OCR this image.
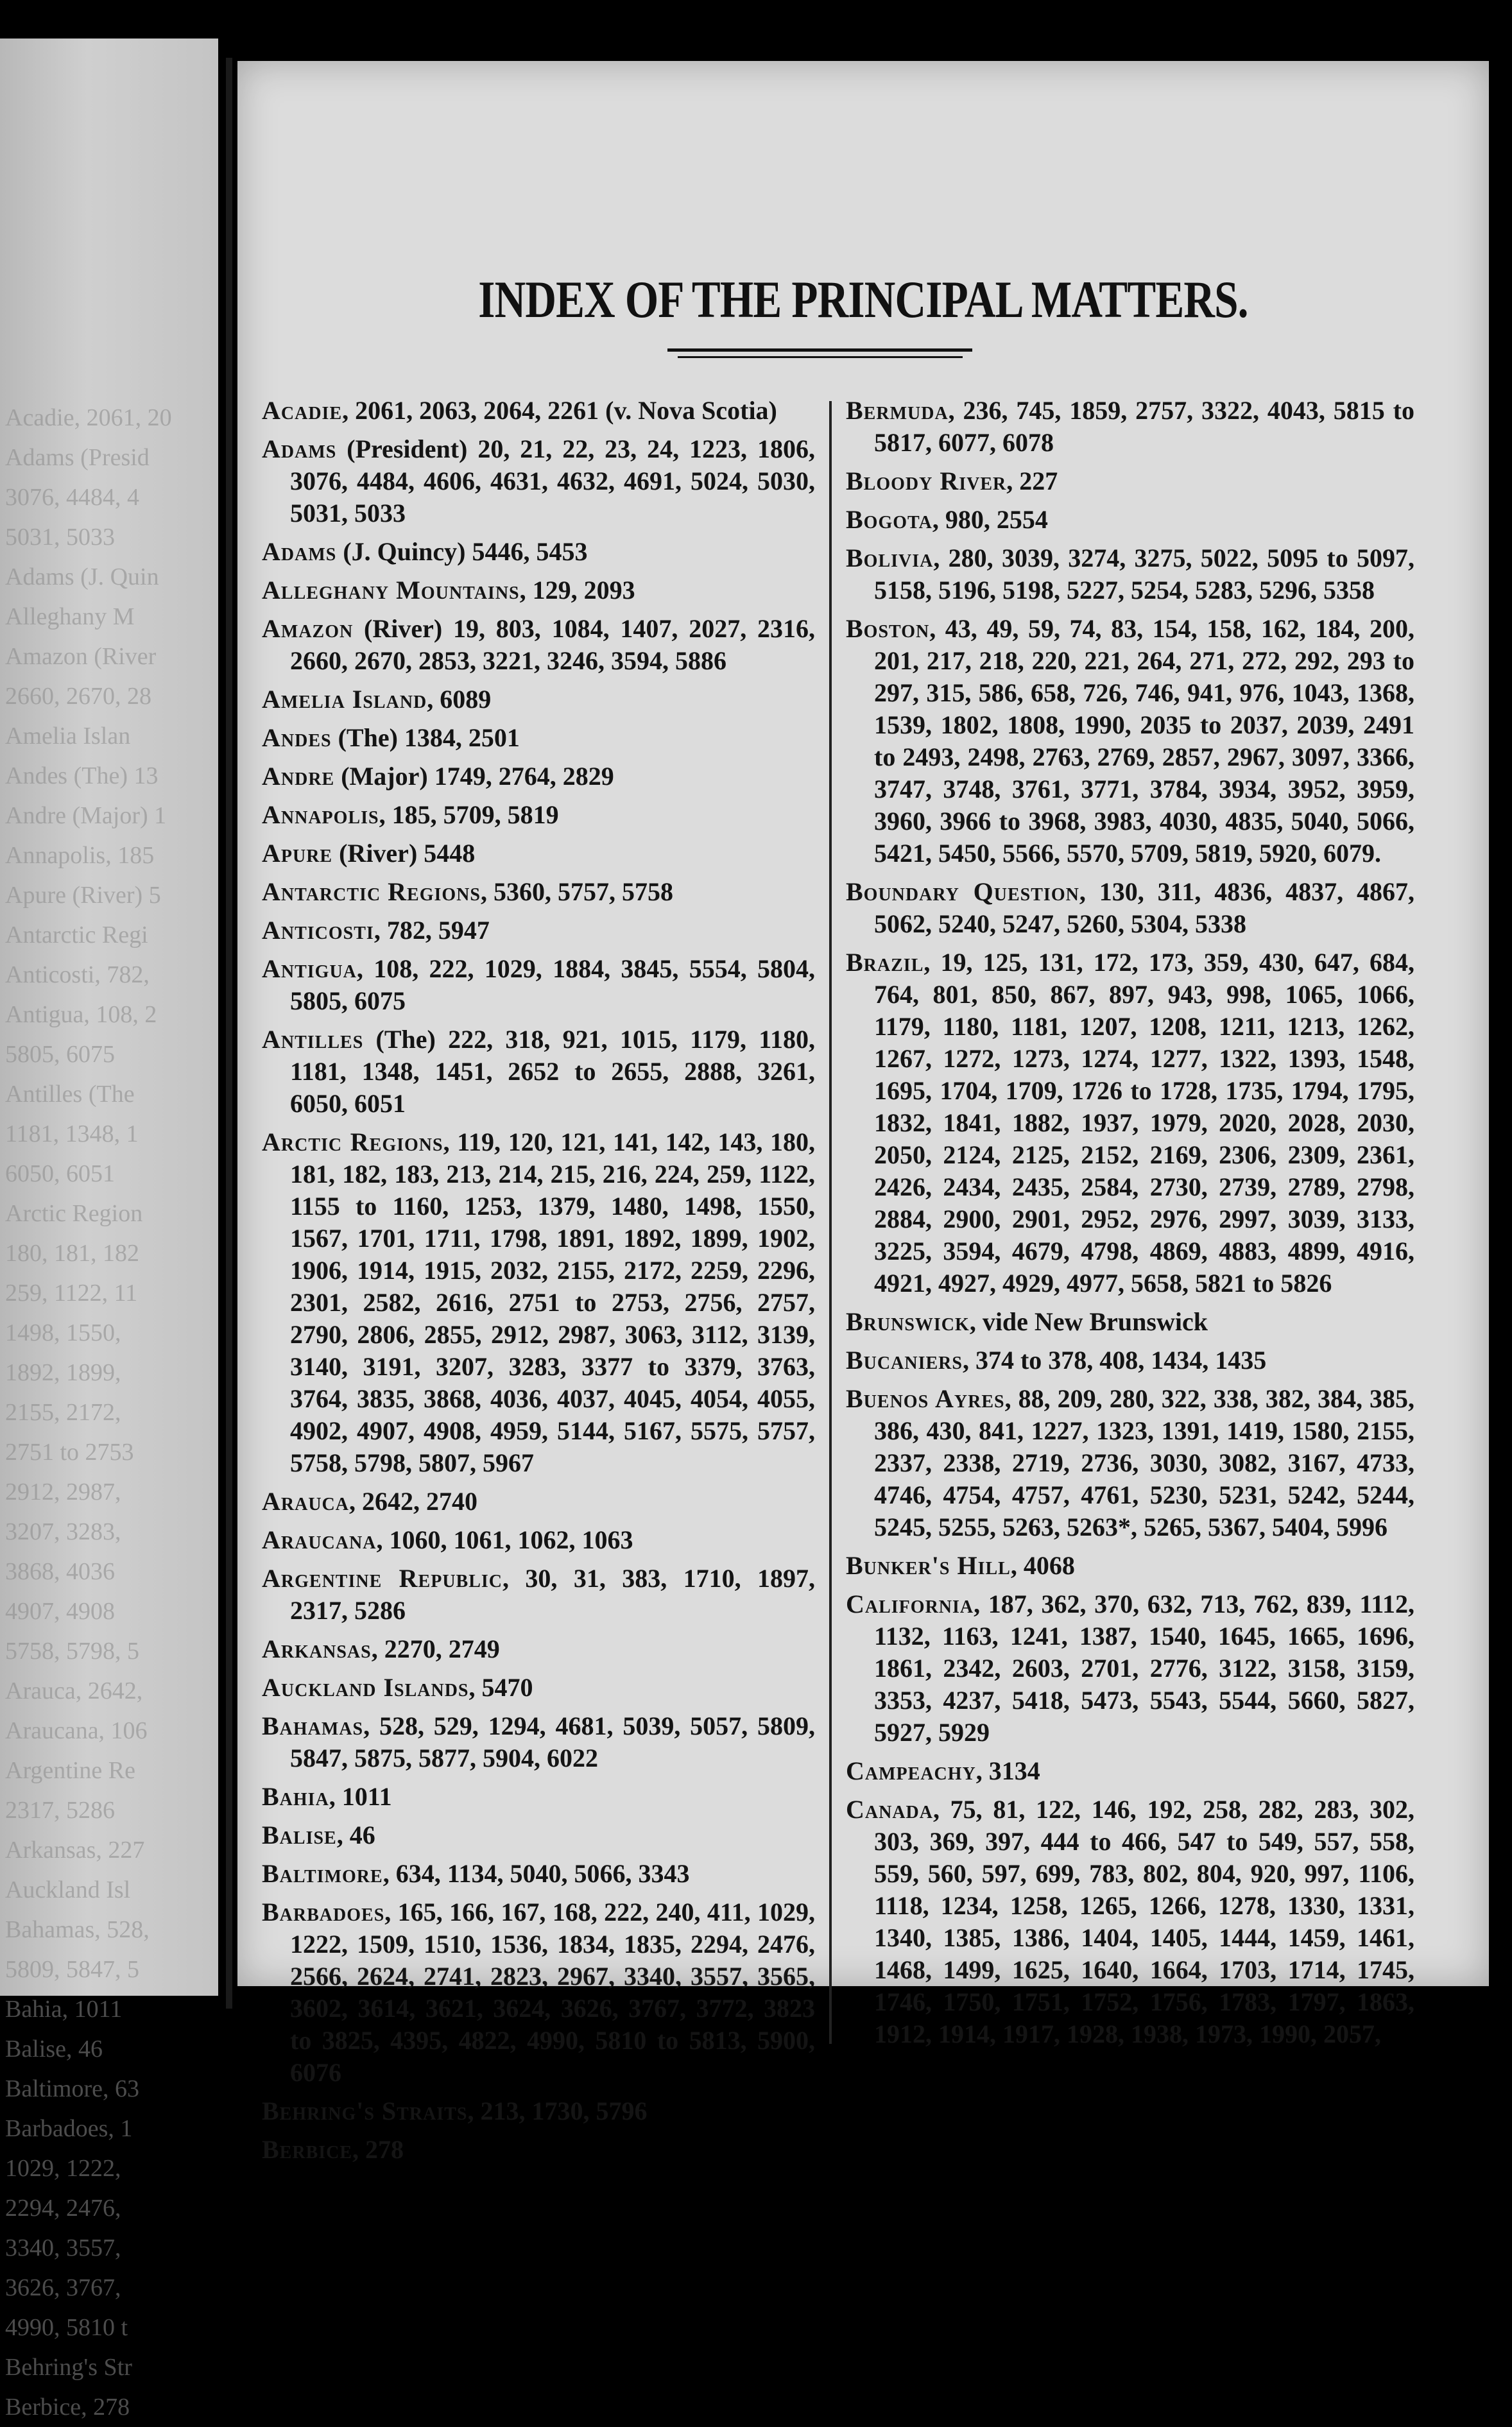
Acadie, 2061, 20
Adams (Presid
3076, 4484, 4
5031, 5033
Adams (J. Quin
Alleghany M
Amazon (River
2660, 2670, 28
Amelia Islan
Andes (The) 13
Andre (Major) 1
Annapolis, 185
Apure (River) 5
Antarctic Regi
Anticosti, 782,
Antigua, 108, 2
5805, 6075
Antilles (The
1181, 1348, 1
6050, 6051
Arctic Region
180, 181, 182
259, 1122, 11
1498, 1550,
1892, 1899,
2155, 2172,
2751 to 2753
2912, 2987,
3207, 3283,
3868, 4036
4907, 4908
5758, 5798, 5
Arauca, 2642,
Araucana, 106
Argentine Re
2317, 5286
Arkansas, 227
Auckland Isl
Bahamas, 528,
5809, 5847, 5
Bahia, 1011
Balise, 46
Baltimore, 63
Barbadoes, 1
1029, 1222,
2294, 2476,
3340, 3557,
3626, 3767,
4990, 5810 t
Behring's Str
Berbice, 278
INDEX OF THE PRINCIPAL MATTERS.
Acadie, 2061, 2063, 2064, 2261 (v. Nova Scotia)
Adams (President) 20, 21, 22, 23, 24, 1223, 1806, 3076, 4484, 4606, 4631, 4632, 4691, 5024, 5030, 5031, 5033
Adams (J. Quincy) 5446, 5453
Alleghany Mountains, 129, 2093
Amazon (River) 19, 803, 1084, 1407, 2027, 2316, 2660, 2670, 2853, 3221, 3246, 3594, 5886
Amelia Island, 6089
Andes (The) 1384, 2501
Andre (Major) 1749, 2764, 2829
Annapolis, 185, 5709, 5819
Apure (River) 5448
Antarctic Regions, 5360, 5757, 5758
Anticosti, 782, 5947
Antigua, 108, 222, 1029, 1884, 3845, 5554, 5804, 5805, 6075
Antilles (The) 222, 318, 921, 1015, 1179, 1180, 1181, 1348, 1451, 2652 to 2655, 2888, 3261, 6050, 6051
Arctic Regions, 119, 120, 121, 141, 142, 143, 180, 181, 182, 183, 213, 214, 215, 216, 224, 259, 1122, 1155 to 1160, 1253, 1379, 1480, 1498, 1550, 1567, 1701, 1711, 1798, 1891, 1892, 1899, 1902, 1906, 1914, 1915, 2032, 2155, 2172, 2259, 2296, 2301, 2582, 2616, 2751 to 2753, 2756, 2757, 2790, 2806, 2855, 2912, 2987, 3063, 3112, 3139, 3140, 3191, 3207, 3283, 3377 to 3379, 3763, 3764, 3835, 3868, 4036, 4037, 4045, 4054, 4055, 4902, 4907, 4908, 4959, 5144, 5167, 5575, 5757, 5758, 5798, 5807, 5967
Arauca, 2642, 2740
Araucana, 1060, 1061, 1062, 1063
Argentine Republic, 30, 31, 383, 1710, 1897, 2317, 5286
Arkansas, 2270, 2749
Auckland Islands, 5470
Bahamas, 528, 529, 1294, 4681, 5039, 5057, 5809, 5847, 5875, 5877, 5904, 6022
Bahia, 1011
Balise, 46
Baltimore, 634, 1134, 5040, 5066, 3343
Barbadoes, 165, 166, 167, 168, 222, 240, 411, 1029, 1222, 1509, 1510, 1536, 1834, 1835, 2294, 2476, 2566, 2624, 2741, 2823, 2967, 3340, 3557, 3565, 3602, 3614, 3621, 3624, 3626, 3767, 3772, 3823 to 3825, 4395, 4822, 4990, 5810 to 5813, 5900, 6076
Behring's Straits, 213, 1730, 5796
Berbice, 278
Bermuda, 236, 745, 1859, 2757, 3322, 4043, 5815 to 5817, 6077, 6078
Bloody River, 227
Bogota, 980, 2554
Bolivia, 280, 3039, 3274, 3275, 5022, 5095 to 5097, 5158, 5196, 5198, 5227, 5254, 5283, 5296, 5358
Boston, 43, 49, 59, 74, 83, 154, 158, 162, 184, 200, 201, 217, 218, 220, 221, 264, 271, 272, 292, 293 to 297, 315, 586, 658, 726, 746, 941, 976, 1043, 1368, 1539, 1802, 1808, 1990, 2035 to 2037, 2039, 2491 to 2493, 2498, 2763, 2769, 2857, 2967, 3097, 3366, 3747, 3748, 3761, 3771, 3784, 3934, 3952, 3959, 3960, 3966 to 3968, 3983, 4030, 4835, 5040, 5066, 5421, 5450, 5566, 5570, 5709, 5819, 5920, 6079.
Boundary Question, 130, 311, 4836, 4837, 4867, 5062, 5240, 5247, 5260, 5304, 5338
Brazil, 19, 125, 131, 172, 173, 359, 430, 647, 684, 764, 801, 850, 867, 897, 943, 998, 1065, 1066, 1179, 1180, 1181, 1207, 1208, 1211, 1213, 1262, 1267, 1272, 1273, 1274, 1277, 1322, 1393, 1548, 1695, 1704, 1709, 1726 to 1728, 1735, 1794, 1795, 1832, 1841, 1882, 1937, 1979, 2020, 2028, 2030, 2050, 2124, 2125, 2152, 2169, 2306, 2309, 2361, 2426, 2434, 2435, 2584, 2730, 2739, 2789, 2798, 2884, 2900, 2901, 2952, 2976, 2997, 3039, 3133, 3225, 3594, 4679, 4798, 4869, 4883, 4899, 4916, 4921, 4927, 4929, 4977, 5658, 5821 to 5826
Brunswick, vide New Brunswick
Bucaniers, 374 to 378, 408, 1434, 1435
Buenos Ayres, 88, 209, 280, 322, 338, 382, 384, 385, 386, 430, 841, 1227, 1323, 1391, 1419, 1580, 2155, 2337, 2338, 2719, 2736, 3030, 3082, 3167, 4733, 4746, 4754, 4757, 4761, 5230, 5231, 5242, 5244, 5245, 5255, 5263, 5263*, 5265, 5367, 5404, 5996
Bunker's Hill, 4068
California, 187, 362, 370, 632, 713, 762, 839, 1112, 1132, 1163, 1241, 1387, 1540, 1645, 1665, 1696, 1861, 2342, 2603, 2701, 2776, 3122, 3158, 3159, 3353, 4237, 5418, 5473, 5543, 5544, 5660, 5827, 5927, 5929
Campeachy, 3134
Canada, 75, 81, 122, 146, 192, 258, 282, 283, 302, 303, 369, 397, 444 to 466, 547 to 549, 557, 558, 559, 560, 597, 699, 783, 802, 804, 920, 997, 1106, 1118, 1234, 1258, 1265, 1266, 1278, 1330, 1331, 1340, 1385, 1386, 1404, 1405, 1444, 1459, 1461, 1468, 1499, 1625, 1640, 1664, 1703, 1714, 1745, 1746, 1750, 1751, 1752, 1756, 1783, 1797, 1863, 1912, 1914, 1917, 1928, 1938, 1973, 1990, 2057,
